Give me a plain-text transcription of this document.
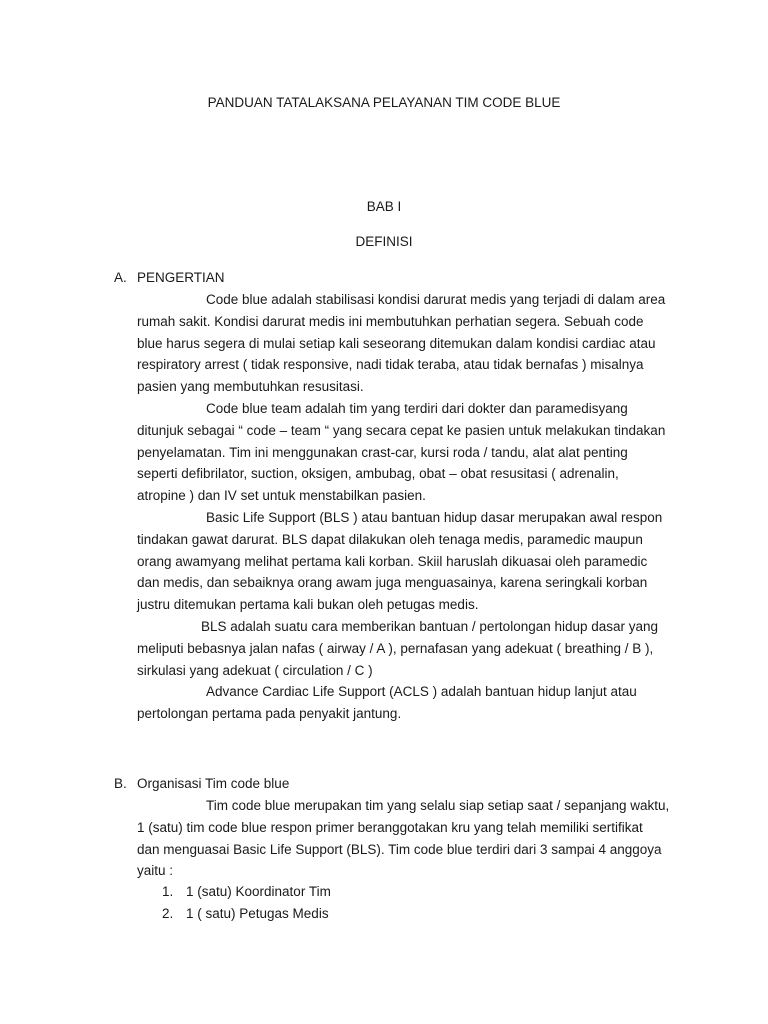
PANDUAN TATALAKSANA PELAYANAN TIM CODE BLUE
BAB I
DEFINISI
A. PENGERTIAN
Code blue adalah stabilisasi kondisi darurat medis yang terjadi di dalam area
rumah sakit. Kondisi darurat medis ini membutuhkan perhatian segera. Sebuah code
blue harus segera di mulai setiap kali seseorang ditemukan dalam kondisi cardiac atau
respiratory arrest ( tidak responsive, nadi tidak teraba, atau tidak bernafas ) misalnya
pasien yang membutuhkan resusitasi.
Code blue team adalah tim yang terdiri dari dokter dan paramedisyang
ditunjuk sebagai “ code – team “ yang secara cepat ke pasien untuk melakukan tindakan
penyelamatan. Tim ini menggunakan crast-car, kursi roda / tandu, alat alat penting
seperti defibrilator, suction, oksigen, ambubag, obat – obat resusitasi ( adrenalin,
atropine ) dan IV set untuk menstabilkan pasien.
Basic Life Support (BLS ) atau bantuan hidup dasar merupakan awal respon
tindakan gawat darurat. BLS dapat dilakukan oleh tenaga medis, paramedic maupun
orang awamyang melihat pertama kali korban. Skiil haruslah dikuasai oleh paramedic
dan medis, dan sebaiknya orang awam juga menguasainya, karena seringkali korban
justru ditemukan pertama kali bukan oleh petugas medis.
BLS adalah suatu cara memberikan bantuan / pertolongan hidup dasar yang
meliputi bebasnya jalan nafas ( airway / A ), pernafasan yang adekuat ( breathing / B ),
sirkulasi yang adekuat ( circulation / C )
Advance Cardiac Life Support (ACLS ) adalah bantuan hidup lanjut atau
pertolongan pertama pada penyakit jantung.
B. Organisasi Tim code blue
Tim code blue merupakan tim yang selalu siap setiap saat / sepanjang waktu,
1 (satu) tim code blue respon primer beranggotakan kru yang telah memiliki sertifikat
dan menguasai Basic Life Support (BLS). Tim code blue terdiri dari 3 sampai 4 anggoya
yaitu :
1. 1 (satu) Koordinator Tim
2. 1 ( satu) Petugas Medis
